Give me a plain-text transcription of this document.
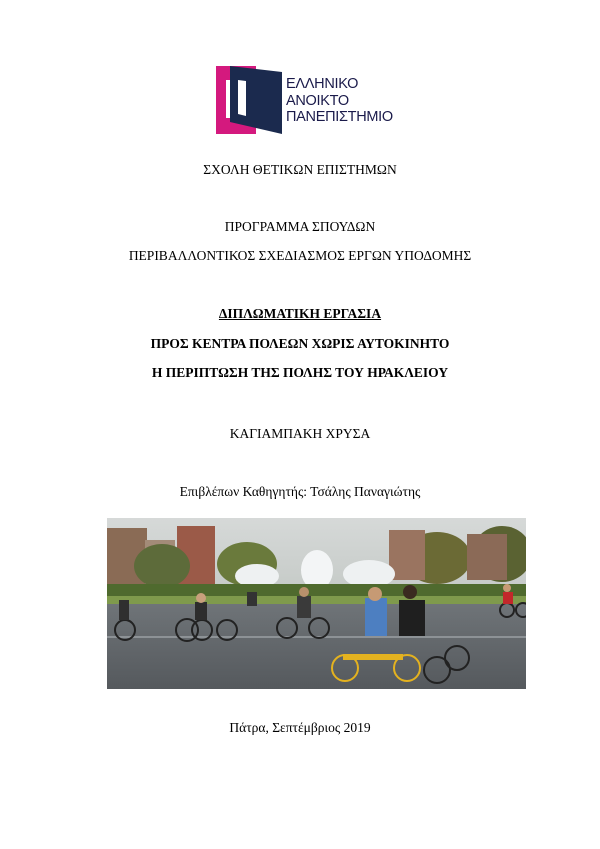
ΕΛΛΗΝΙΚΟ
ΑΝΟΙΚΤΟ
ΠΑΝΕΠΙΣΤΗΜΙΟ
ΣΧΟΛΗ ΘΕΤΙΚΩΝ ΕΠΙΣΤΗΜΩΝ
ΠΡΟΓΡΑΜΜΑ ΣΠΟΥΔΩΝ
ΠΕΡΙΒΑΛΛΟΝΤΙΚΟΣ ΣΧΕΔΙΑΣΜΟΣ ΕΡΓΩΝ ΥΠΟΔΟΜΗΣ
ΔΙΠΛΩΜΑΤΙΚΗ ΕΡΓΑΣΙΑ
ΠΡΟΣ ΚΕΝΤΡΑ ΠΟΛΕΩΝ ΧΩΡΙΣ ΑΥΤΟΚΙΝΗΤΟ
Η ΠΕΡΙΠΤΩΣΗ ΤΗΣ ΠΟΛΗΣ ΤΟΥ ΗΡΑΚΛΕΙΟΥ
ΚΑΓΙΑΜΠΑΚΗ ΧΡΥΣΑ
Επιβλέπων Καθηγητής: Τσάλης Παναγιώτης
Πάτρα, Σεπτέμβριος 2019
